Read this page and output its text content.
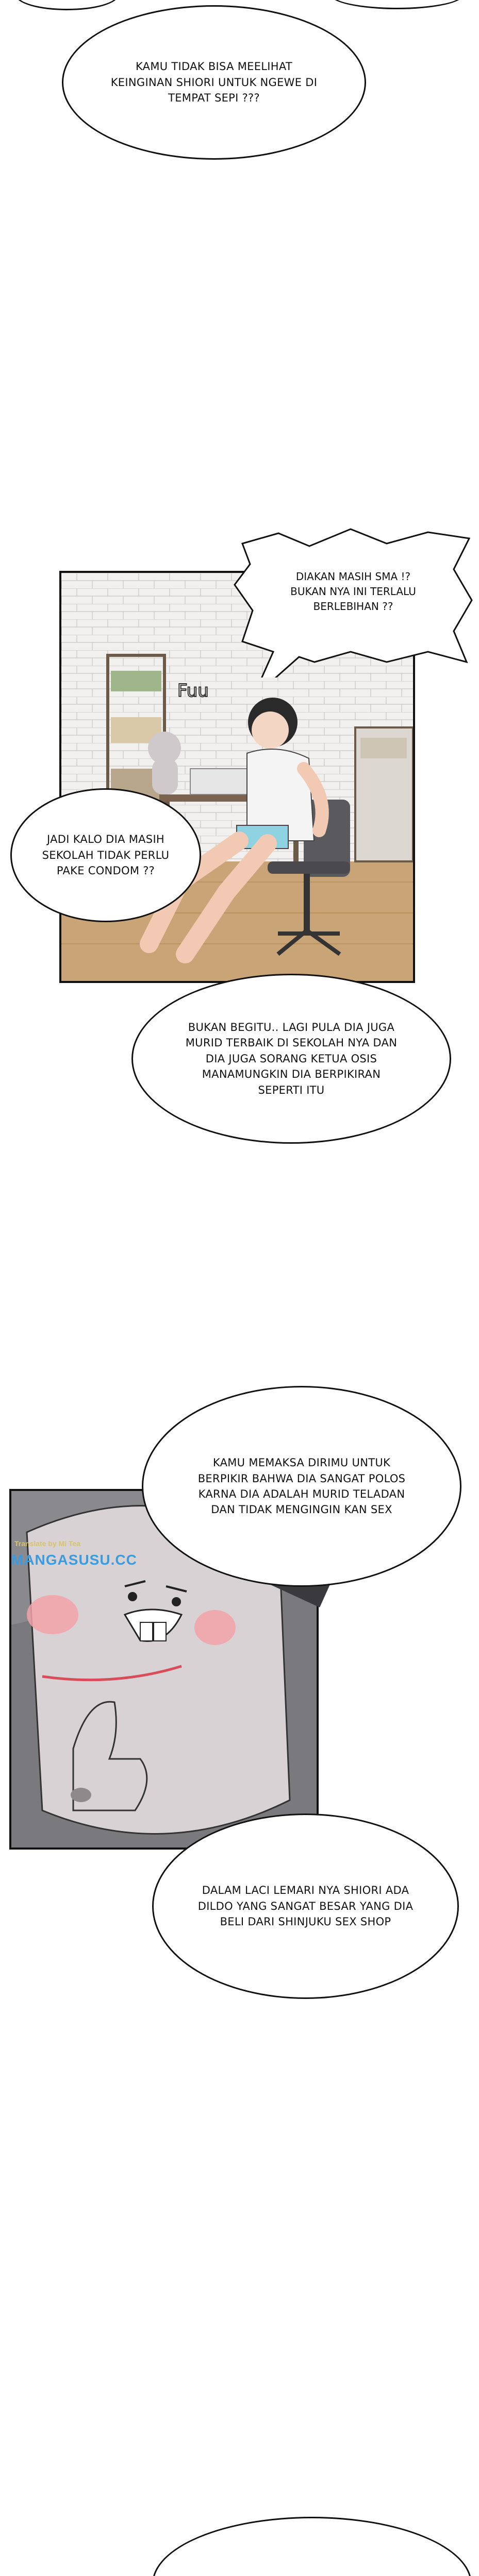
KAMU TIDAK BISA MEELIHAT
KEINGINAN SHIORI UNTUK NGEWE DI
TEMPAT SEPI ???
Fuu
DIAKAN MASIH SMA !?
BUKAN NYA INI TERLALU
BERLEBIHAN ??
JADI KALO DIA MASIH
SEKOLAH TIDAK PERLU
PAKE CONDOM ??
BUKAN BEGITU.. LAGI PULA DIA JUGA
MURID TERBAIK DI SEKOLAH NYA DAN
DIA JUGA SORANG KETUA OSIS
MANAMUNGKIN DIA BERPIKIRAN
SEPERTI ITU
Translate by Mi Tea
MANGASUSU.CC
KAMU MEMAKSA DIRIMU UNTUK
BERPIKIR BAHWA DIA SANGAT POLOS
KARNA DIA ADALAH MURID TELADAN
DAN TIDAK MENGINGIN KAN SEX
DALAM LACI LEMARI NYA SHIORI ADA
DILDO YANG SANGAT BESAR YANG DIA
BELI DARI SHINJUKU SEX SHOP
